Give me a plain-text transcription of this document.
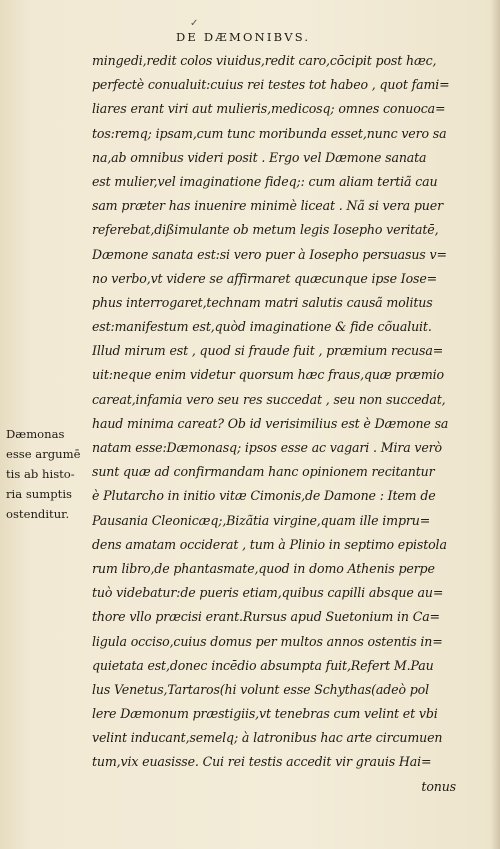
✓
DE DÆMONIBVS.
mingedi,redit colos viuidus,redit caro,cōcipit post hæc,
perfectè conualuit:cuius rei testes tot habeo , quot fami=
liares erant viri aut mulieris,medicosq; omnes conuoca=
tos:remq; ipsam,cum tunc moribunda esset,nunc vero sa
na,ab omnibus videri posit . Ergo vel Dæmone sanata
est mulier,vel imaginatione fideq;: cum aliam tertiã cau
sam præter has inuenire minimè liceat . Nã si vera puer
referebat,dißimulante ob metum legis Iosepho veritatē,
Dæmone sanata est:si vero puer à Iosepho persuasus v=
no verbo,vt videre se affirmaret quæcunque ipse Iose=
phus interrogaret,technam matri salutis causã molitus
est:manifestum est,quòd imaginatione & fide cõualuit.
Illud mirum est , quod si fraude fuit , præmium recusa=
uit:neque enim videtur quorsum hæc fraus,quæ præmio
careat,infamia vero seu res succedat , seu non succedat,
haud minima careat? Ob id verisimilius est è Dæmone sa
natam esse:Dæmonasq; ipsos esse ac vagari . Mira verò
sunt quæ ad confirmandam hanc opinionem recitantur
è Plutarcho in initio vitæ Cimonis,de Damone : Item de
Pausania Cleonicæq;,Bizãtia virgine,quam ille impru=
dens amatam occiderat , tum à Plinio in septimo epistola
rum libro,de phantasmate,quod in domo Athenis perpe
tuò videbatur:de pueris etiam,quibus capilli absque au=
thore vllo præcisi erant.Rursus apud Suetonium in Ca=
ligula occiso,cuius domus per multos annos ostentis in=
quietata est,donec incēdio absumpta fuit,Refert M.Pau
lus Venetus,Tartaros(hi volunt esse Schythas(adeò pol
lere Dæmonum præstigiis,vt tenebras cum velint et vbi
velint inducant,semelq; à latronibus hac arte circumuen
tum,vix euasisse. Cui rei testis accedit vir grauis Hai=
tonus
Dæmonas
esse argumē
tis ab histo-
ria sumptis
ostenditur.
